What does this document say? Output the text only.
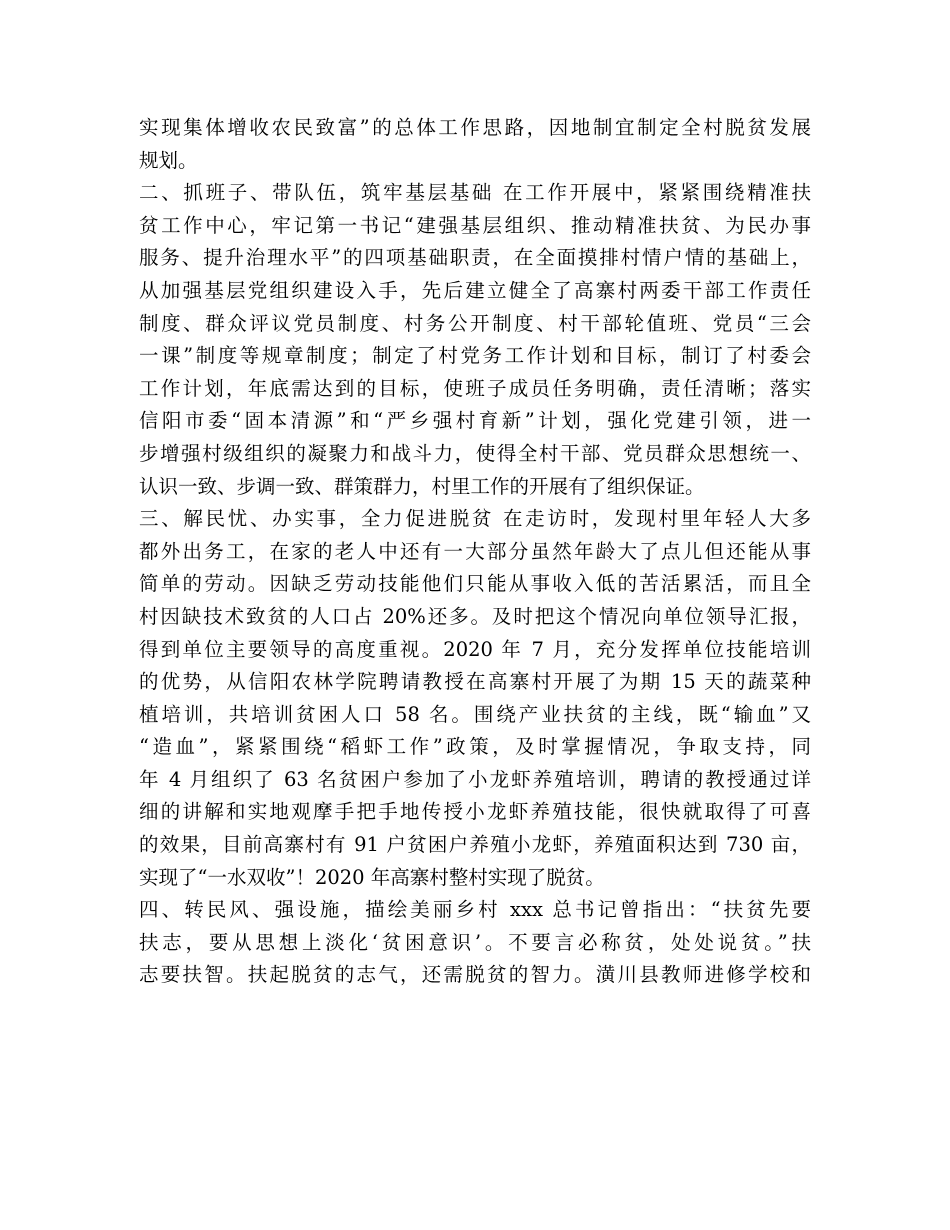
实现集体增收农民致富”的总体工作思路，因地制宜制定全村脱贫发展
规划。
二、抓班子、带队伍，筑牢基层基础 在工作开展中，紧紧围绕精准扶
贫工作中心，牢记第一书记“建强基层组织、推动精准扶贫、为民办事
服务、提升治理水平”的四项基础职责，在全面摸排村情户情的基础上，
从加强基层党组织建设入手，先后建立健全了高寨村两委干部工作责任
制度、群众评议党员制度、村务公开制度、村干部轮值班、党员“三会
一课”制度等规章制度；制定了村党务工作计划和目标，制订了村委会
工作计划，年底需达到的目标，使班子成员任务明确，责任清晰；落实
信阳市委“固本清源”和“严乡强村育新”计划，强化党建引领，进一
步增强村级组织的凝聚力和战斗力，使得全村干部、党员群众思想统一、
认识一致、步调一致、群策群力，村里工作的开展有了组织保证。
三、解民忧、办实事，全力促进脱贫 在走访时，发现村里年轻人大多
都外出务工，在家的老人中还有一大部分虽然年龄大了点儿但还能从事
简单的劳动。因缺乏劳动技能他们只能从事收入低的苦活累活，而且全
村因缺技术致贫的人口占 20%还多。及时把这个情况向单位领导汇报，
得到单位主要领导的高度重视。2020 年 7 月，充分发挥单位技能培训
的优势，从信阳农林学院聘请教授在高寨村开展了为期 15 天的蔬菜种
植培训，共培训贫困人口 58 名。围绕产业扶贫的主线，既“输血”又
“造血”，紧紧围绕“稻虾工作”政策，及时掌握情况，争取支持，同
年 4 月组织了 63 名贫困户参加了小龙虾养殖培训，聘请的教授通过详
细的讲解和实地观摩手把手地传授小龙虾养殖技能，很快就取得了可喜
的效果，目前高寨村有 91 户贫困户养殖小龙虾，养殖面积达到 730 亩，
实现了“一水双收”！2020 年高寨村整村实现了脱贫。
四、转民风、强设施，描绘美丽乡村 xxx 总书记曾指出：“扶贫先要
扶志，要从思想上淡化‘贫困意识’。不要言必称贫，处处说贫。”扶
志要扶智。扶起脱贫的志气，还需脱贫的智力。潢川县教师进修学校和
